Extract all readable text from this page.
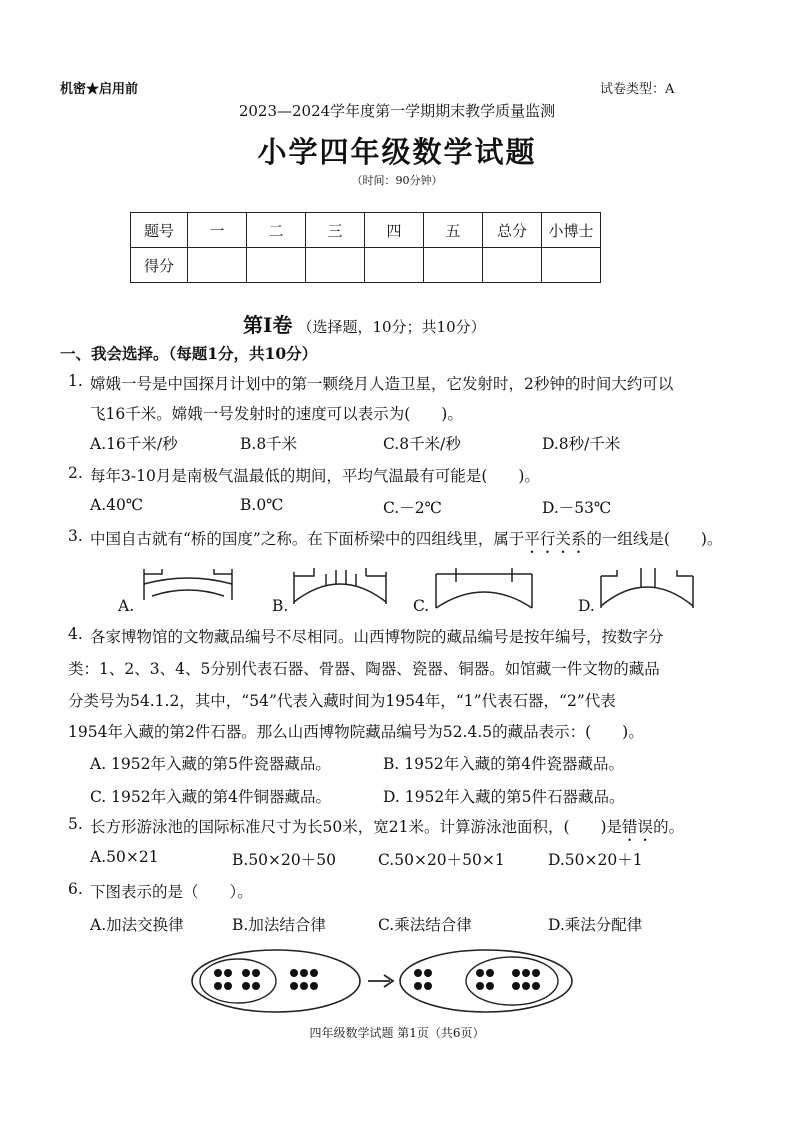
机密★启用前	试卷类型：A
2023—2024学年度第一学期期末教学质量监测
小学四年级数学试题
（时间：90分钟）
题号	一	二	三	四	五	总分	小博士
得分							
第Ⅰ卷 （选择题，10分；共10分）
一、我会选择。（每题1分，共10分）
1. 嫦娥一号是中国探月计划中的第一颗绕月人造卫星，它发射时，2秒钟的时间大约可以
飞16千米。嫦娥一号发射时的速度可以表示为(　　)。
A.16千米/秒	B.8千米	C.8千米/秒	D.8秒/千米
2. 每年3-10月是南极气温最低的期间，平均气温最有可能是(　　)。
A.40℃	B.0℃	C.－2℃	D.－53℃
3. 中国自古就有“桥的国度”之称。在下面桥梁中的四组线里，属于平行关系的一组线是(　　)。
A.	B.	C.	D.
4. 各家博物馆的文物藏品编号不尽相同。山西博物院的藏品编号是按年编号，按数字分
类：1、2、3、4、5分别代表石器、骨器、陶器、瓷器、铜器。如馆藏一件文物的藏品
分类号为54.1.2，其中，“54”代表入藏时间为1954年，“1”代表石器，“2”代表
1954年入藏的第2件石器。那么山西博物院藏品编号为52.4.5的藏品表示：(　　)。
A. 1952年入藏的第5件瓷器藏品。	B. 1952年入藏的第4件瓷器藏品。
C. 1952年入藏的第4件铜器藏品。	D. 1952年入藏的第5件石器藏品。
5. 长方形游泳池的国际标准尺寸为长50米，宽21米。计算游泳池面积，(　　)是错误的。
A.50×21	B.50×20＋50	C.50×20＋50×1	D.50×20＋1
6. 下图表示的是（　　）。
A.加法交换律	B.加法结合律	C.乘法结合律	D.乘法分配律
四年级数学试题 第1页（共6页）
